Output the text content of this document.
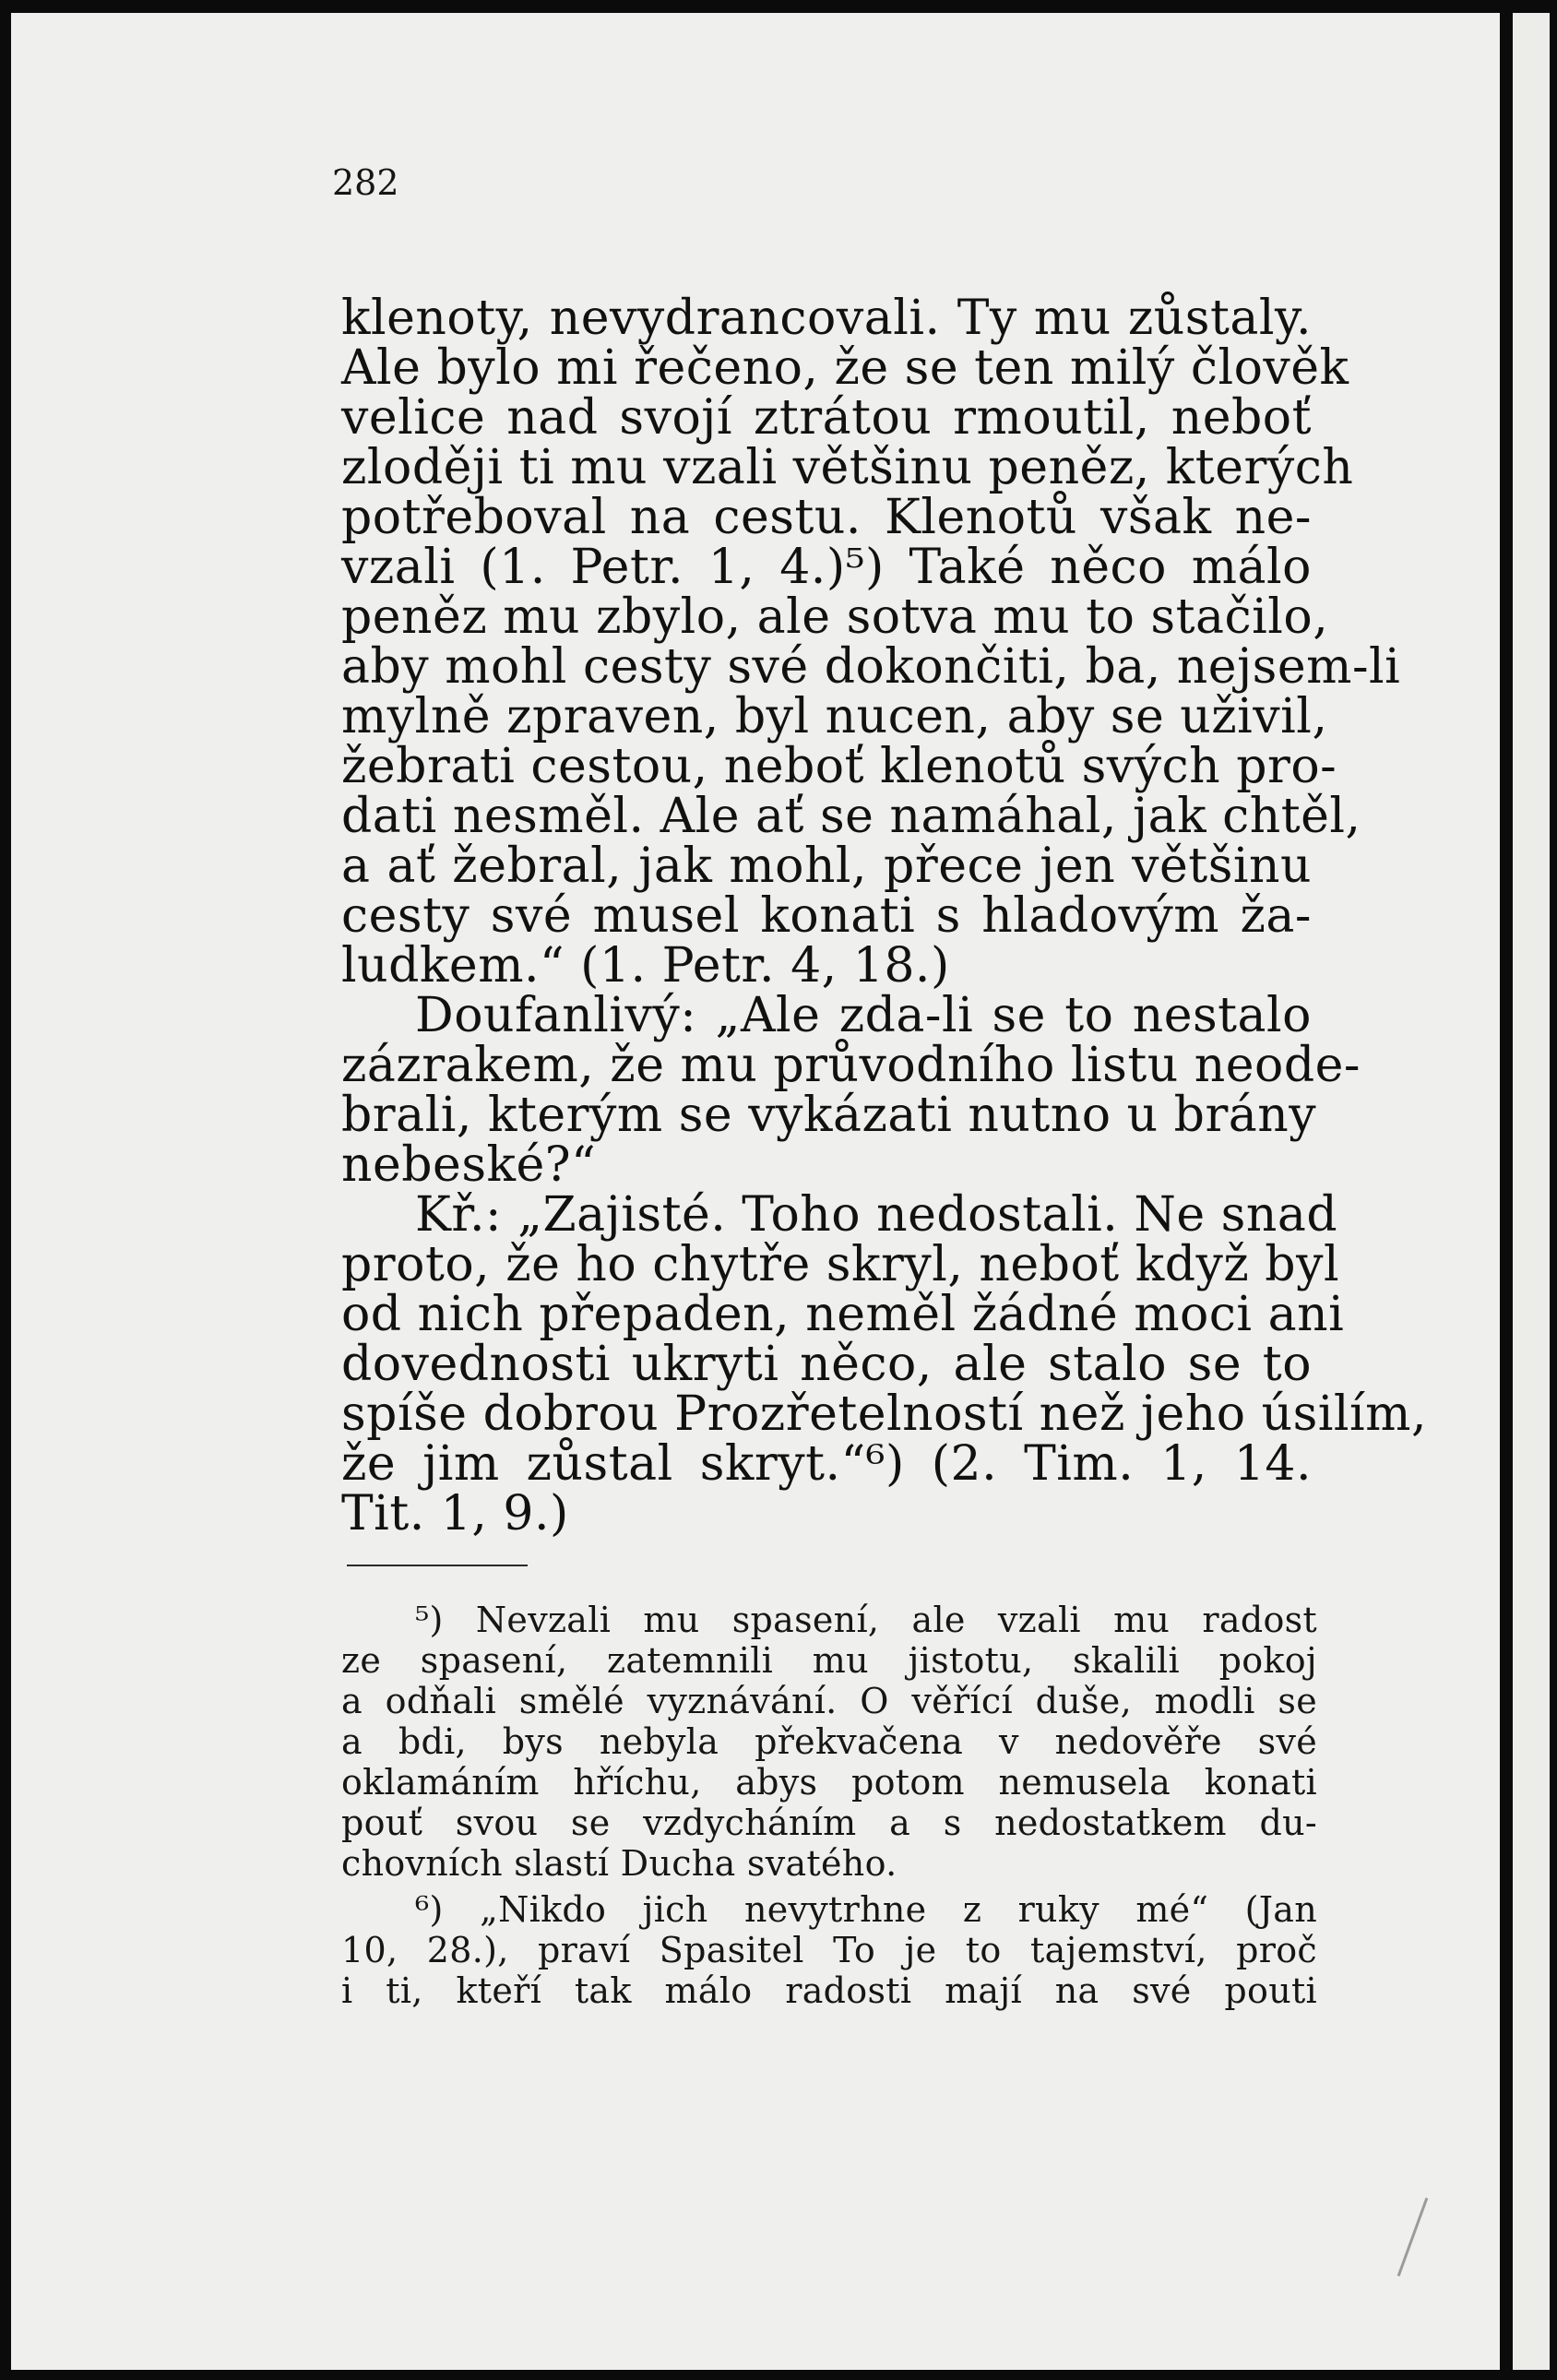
282
klenoty, nevydrancovali. Ty mu zůstaly.
Ale bylo mi řečeno, že se ten milý člověk
velice nad svojí ztrátou rmoutil, neboť
zloději ti mu vzali většinu peněz, kterých
potřeboval na cestu. Klenotů však ne-
vzali (1. Petr. 1, 4.)⁵) Také něco málo
peněz mu zbylo, ale sotva mu to stačilo,
aby mohl cesty své dokončiti, ba, nejsem-li
mylně zpraven, byl nucen, aby se uživil,
žebrati cestou, neboť klenotů svých pro-
dati nesměl. Ale ať se namáhal, jak chtěl,
a ať žebral, jak mohl, přece jen většinu
cesty své musel konati s hladovým ža-
ludkem.“ (1. Petr. 4, 18.)
Doufanlivý: „Ale zda-li se to nestalo
zázrakem, že mu průvodního listu neode-
brali, kterým se vykázati nutno u brány
nebeské?“
Kř.: „Zajisté. Toho nedostali. Ne snad
proto, že ho chytře skryl, neboť když byl
od nich přepaden, neměl žádné moci ani
dovednosti ukryti něco, ale stalo se to
spíše dobrou Prozřetelností než jeho úsilím,
že jim zůstal skryt.“⁶) (2. Tim. 1, 14.
Tit. 1, 9.)
⁵) Nevzali mu spasení, ale vzali mu radost
ze spasení, zatemnili mu jistotu, skalili pokoj
a odňali smělé vyznávání. O věřící duše, modli se
a bdi, bys nebyla překvačena v nedověře své
oklamáním hříchu, abys potom nemusela konati
pouť svou se vzdycháním a s nedostatkem du-
chovních slastí Ducha svatého.
⁶) „Nikdo jich nevytrhne z ruky mé“ (Jan
10, 28.), praví Spasitel To je to tajemství, proč
i ti, kteří tak málo radosti mají na své pouti
